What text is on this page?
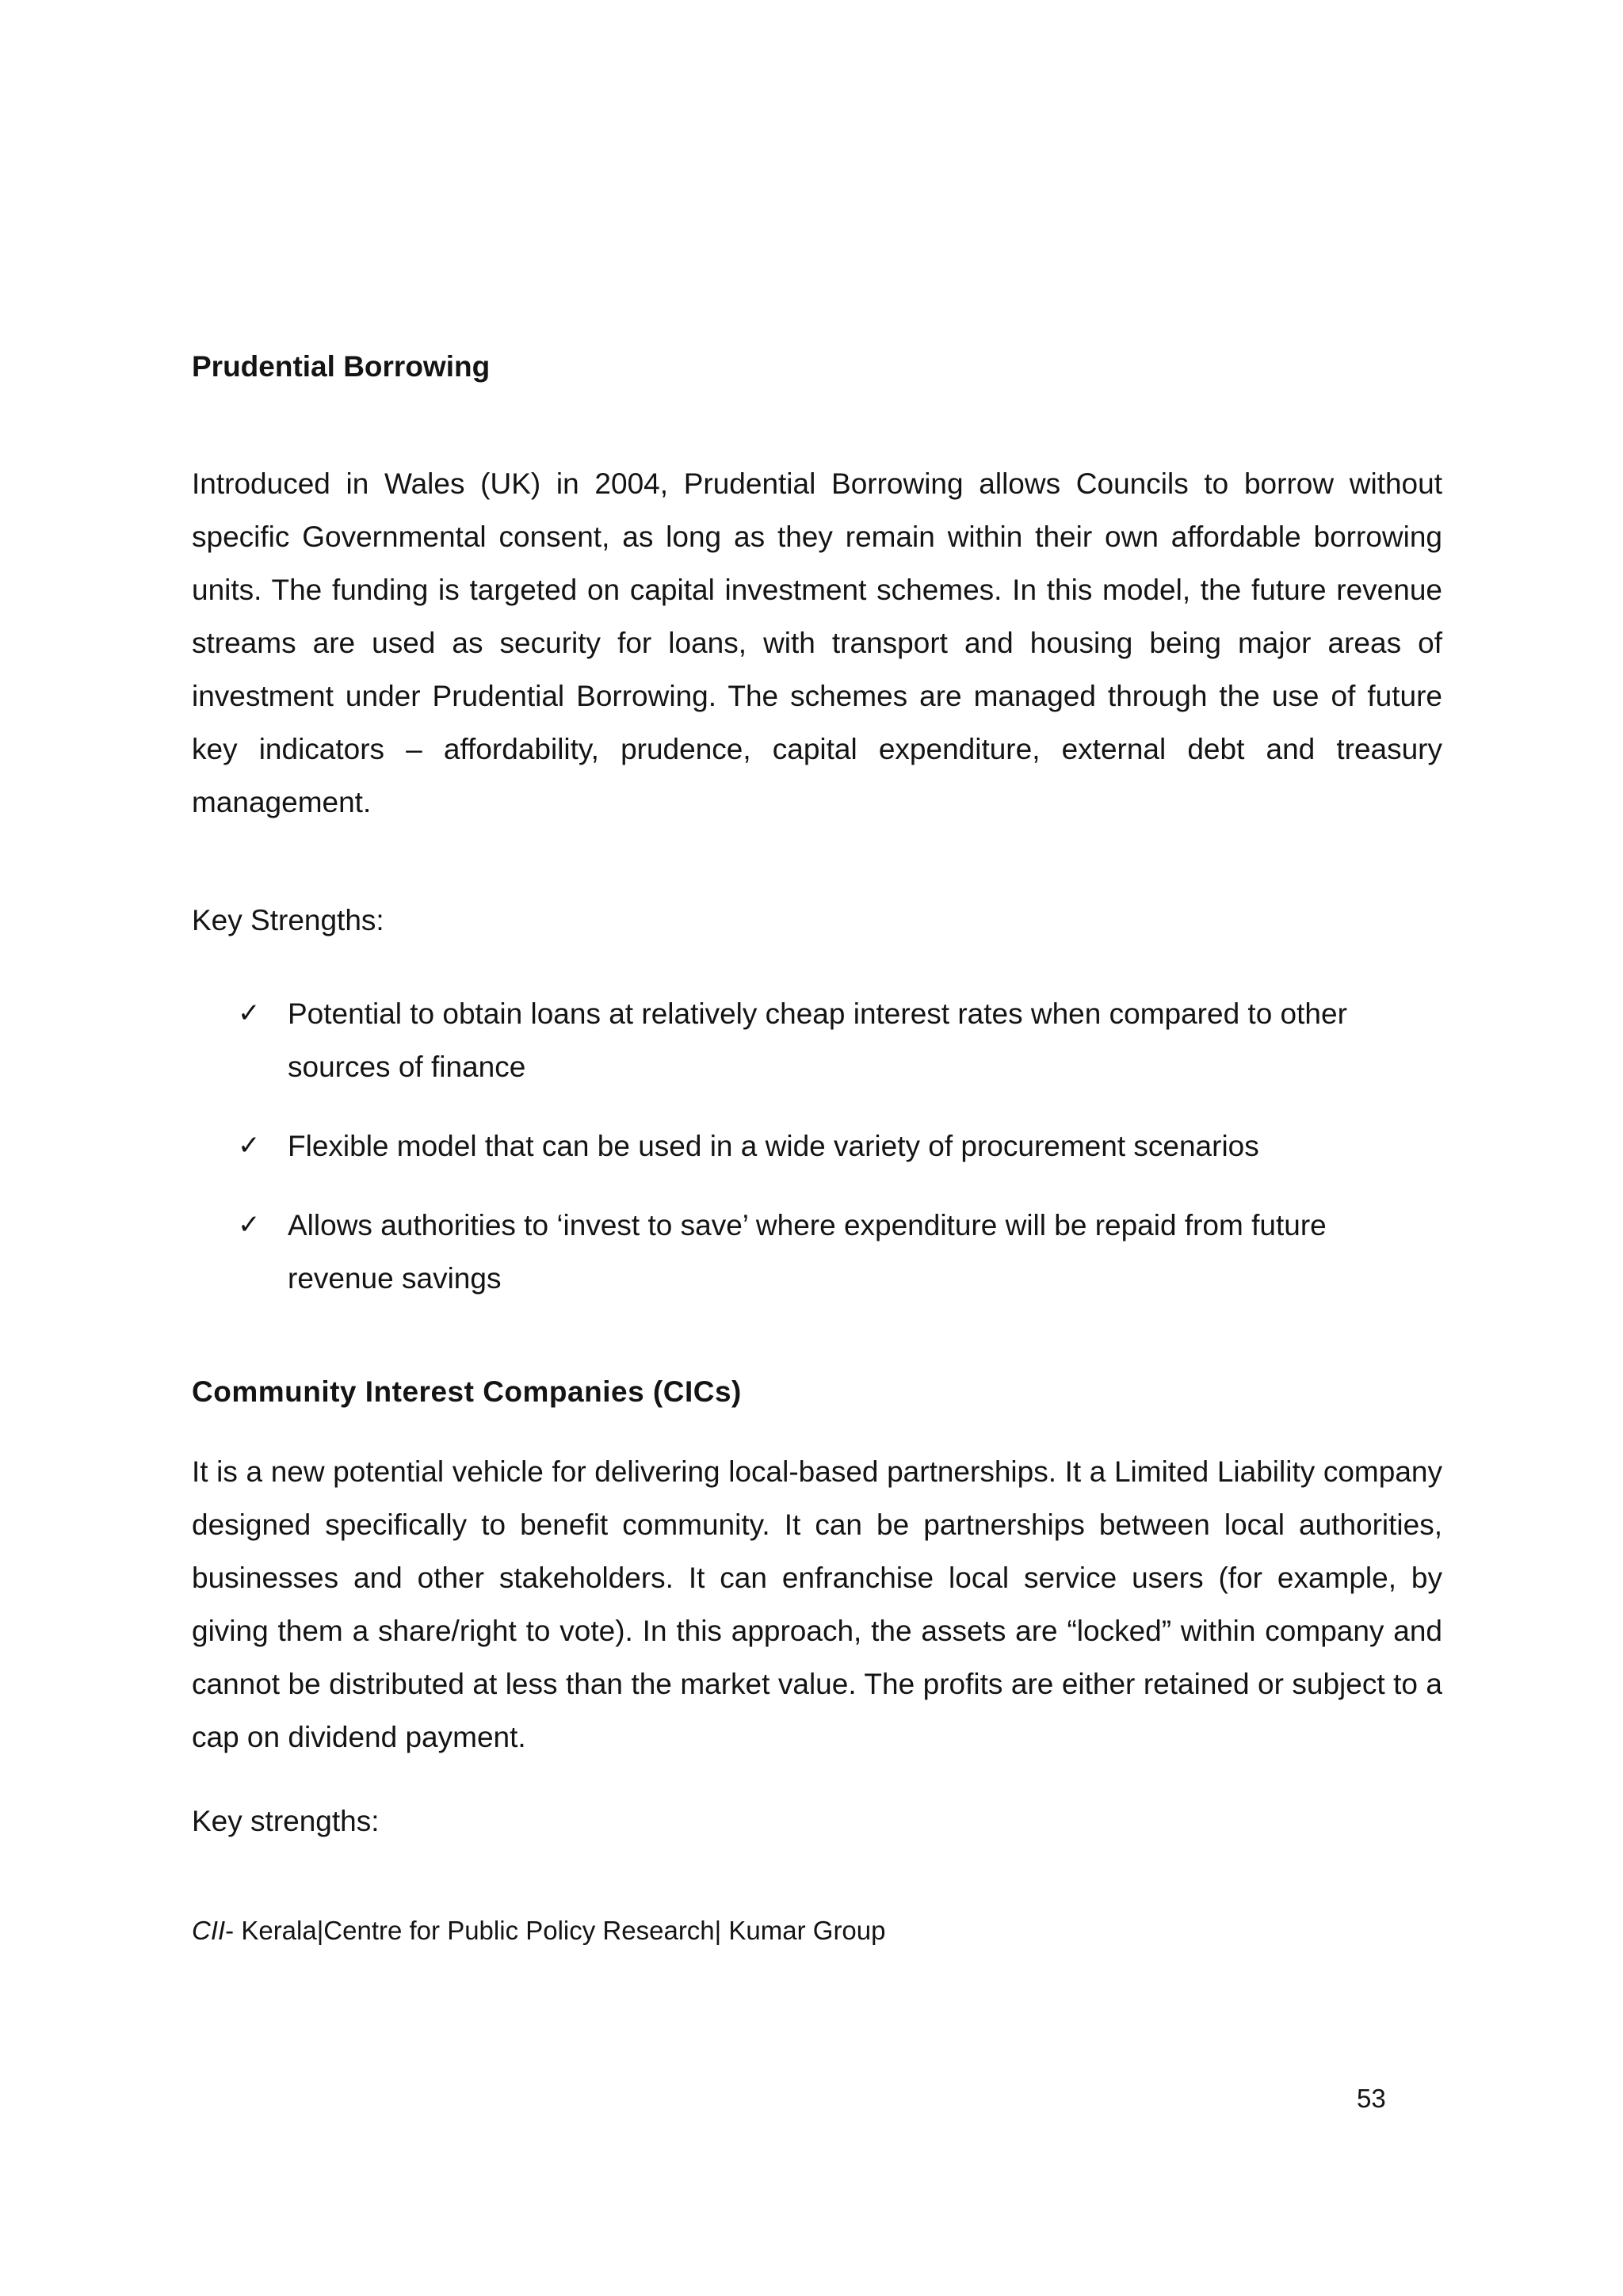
Prudential Borrowing

Introduced in Wales (UK) in 2004, Prudential Borrowing allows Councils to borrow without specific Governmental consent, as long as they remain within their own affordable borrowing units. The funding is targeted on capital investment schemes. In this model, the future revenue streams are used as security for loans, with transport and housing being major areas of investment under Prudential Borrowing. The schemes are managed through the use of future key indicators – affordability, prudence, capital expenditure, external debt and treasury management.

Key Strengths:

✓ Potential to obtain loans at relatively cheap interest rates when compared to other sources of finance
✓ Flexible model that can be used in a wide variety of procurement scenarios
✓ Allows authorities to ‘invest to save’ where expenditure will be repaid from future revenue savings
Community Interest Companies (CICs)

It is a new potential vehicle for delivering local-based partnerships. It a Limited Liability company designed specifically to benefit community. It can be partnerships between local authorities, businesses and other stakeholders. It can enfranchise local service users (for example, by giving them a share/right to vote). In this approach, the assets are “locked” within company and cannot be distributed at less than the market value. The profits are either retained or subject to a cap on dividend payment.

Key strengths:

CII- Kerala|Centre for Public Policy Research| Kumar Group

53
